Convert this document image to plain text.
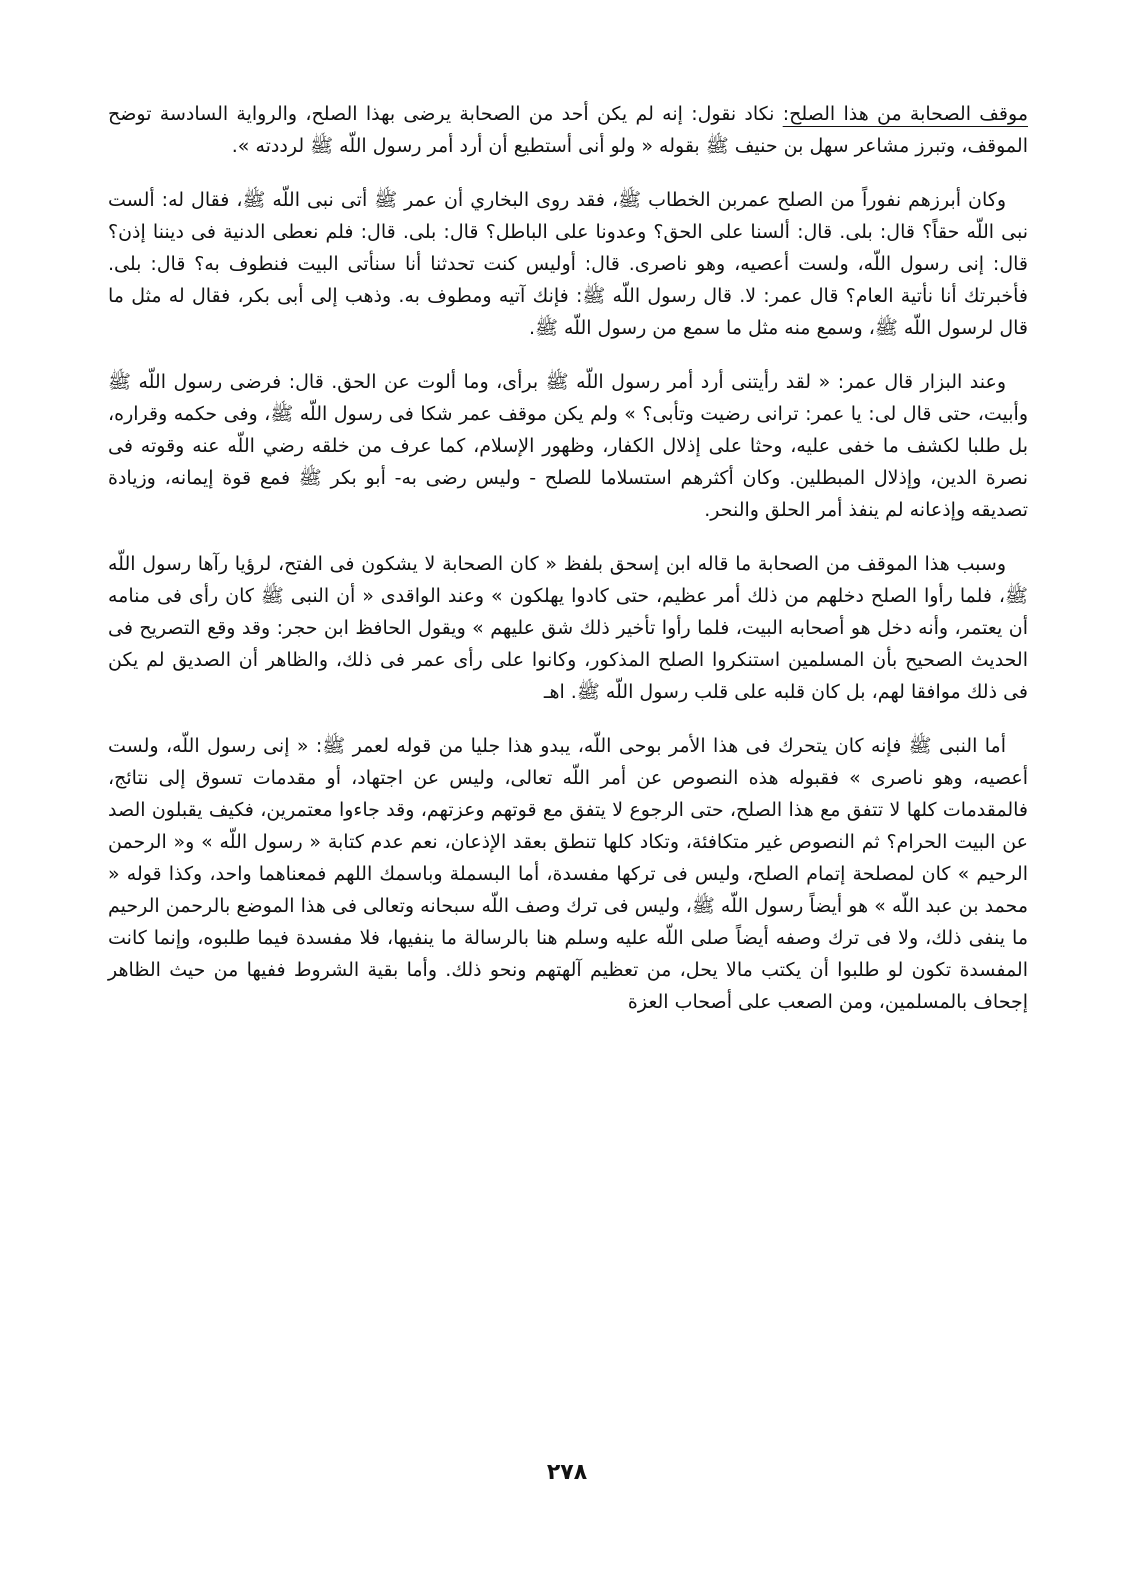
موقف الصحابة من هذا الصلح: نكاد نقول: إنه لم يكن أحد من الصحابة يرضى بهذا الصلح، والرواية السادسة توضح الموقف، وتبرز مشاعر سهل بن حنيف ﷺ بقوله « ولو أنى أستطيع أن أرد أمر رسول اللّه ﷺ لرددته ».

وكان أبرزهم نفوراً من الصلح عمربن الخطاب ﷺ، فقد روى البخاري أن عمر ﷺ أتى نبى اللّه ﷺ، فقال له: ألست نبى اللّه حقاً؟ قال: بلى. قال: ألسنا على الحق؟ وعدونا على الباطل؟ قال: بلى. قال: فلم نعطى الدنية فى ديننا إذن؟ قال: إنى رسول اللّه، ولست أعصيه، وهو ناصرى. قال: أوليس كنت تحدثنا أنا سنأتى البيت فنطوف به؟ قال: بلى. فأخبرتك أنا نأتية العام؟ قال عمر: لا. قال رسول اللّه ﷺ: فإنك آتيه ومطوف به. وذهب إلى أبى بكر، فقال له مثل ما قال لرسول اللّه ﷺ، وسمع منه مثل ما سمع من رسول اللّه ﷺ.

وعند البزار قال عمر: « لقد رأيتنى أرد أمر رسول اللّه ﷺ برأى، وما ألوت عن الحق. قال: فرضى رسول اللّه ﷺ وأبيت، حتى قال لى: يا عمر: ترانى رضيت وتأبى؟ » ولم يكن موقف عمر شكا فى رسول اللّه ﷺ، وفى حكمه وقراره، بل طلبا لكشف ما خفى عليه، وحثا على إذلال الكفار، وظهور الإسلام، كما عرف من خلقه رضي اللّه عنه وقوته فى نصرة الدين، وإذلال المبطلين. وكان أكثرهم استسلاما للصلح - وليس رضى به- أبو بكر ﷺ فمع قوة إيمانه، وزيادة تصديقه وإذعانه لم ينفذ أمر الحلق والنحر.

وسبب هذا الموقف من الصحابة ما قاله ابن إسحق بلفظ « كان الصحابة لا يشكون فى الفتح، لرؤيا رآها رسول اللّه ﷺ، فلما رأوا الصلح دخلهم من ذلك أمر عظيم، حتى كادوا يهلكون » وعند الواقدى « أن النبى ﷺ كان رأى فى منامه أن يعتمر، وأنه دخل هو أصحابه البيت، فلما رأوا تأخير ذلك شق عليهم » ويقول الحافظ ابن حجر: وقد وقع التصريح فى الحديث الصحيح بأن المسلمين استنكروا الصلح المذكور، وكانوا على رأى عمر فى ذلك، والظاهر أن الصديق لم يكن فى ذلك موافقا لهم، بل كان قلبه على قلب رسول اللّه ﷺ. اهـ

أما النبى ﷺ فإنه كان يتحرك فى هذا الأمر بوحى اللّه، يبدو هذا جليا من قوله لعمر ﷺ: « إنى رسول اللّه، ولست أعصيه، وهو ناصرى » فقبوله هذه النصوص عن أمر اللّه تعالى، وليس عن اجتهاد، أو مقدمات تسوق إلى نتائج، فالمقدمات كلها لا تتفق مع هذا الصلح، حتى الرجوع لا يتفق مع قوتهم وعزتهم، وقد جاءوا معتمرين، فكيف يقبلون الصد عن البيت الحرام؟ ثم النصوص غير متكافئة، وتكاد كلها تنطق بعقد الإذعان، نعم عدم كتابة « رسول اللّه » و« الرحمن الرحيم » كان لمصلحة إتمام الصلح، وليس فى تركها مفسدة، أما البسملة وباسمك اللهم فمعناهما واحد، وكذا قوله « محمد بن عبد اللّه » هو أيضاً رسول اللّه ﷺ، وليس فى ترك وصف اللّه سبحانه وتعالى فى هذا الموضع بالرحمن الرحيم ما ينفى ذلك، ولا فى ترك وصفه أيضاً صلى اللّه عليه وسلم هنا بالرسالة ما ينفيها، فلا مفسدة فيما طلبوه، وإنما كانت المفسدة تكون لو طلبوا أن يكتب مالا يحل، من تعظيم آلهتهم ونحو ذلك. وأما بقية الشروط ففيها من حيث الظاهر إجحاف بالمسلمين، ومن الصعب على أصحاب العزة

٢٧٨
